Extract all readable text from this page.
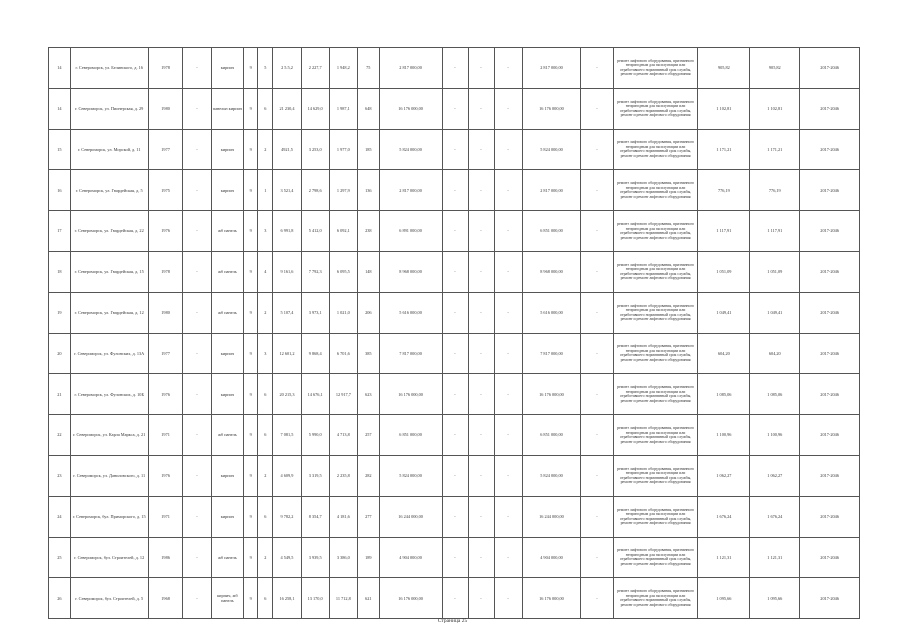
14	г. Североморск, ул. Белинского, д. 16	1978	-	кирпич	9	5	2 5.5,2	2 227,7	1 948,2	75	2 817 000,00	-	-	-	2 817 000,00	-	ремонт лифтового оборудования, признанного непригодным для эксплуатации или отработавшего нормативный срок службы, ремонт и ремонт лифтового оборудования	905,82	905,82	2017-2046
14	г. Североморск, ул. Пионерская, д. 29	1980	-	панельн кирпич	9	6	21 230,4	14 629,0	1 987,1	648	16 176 000,00	-	-	-	16 176 000,00	-	ремонт лифтового оборудования, признанного непригодным для эксплуатации или отработавшего нормативный срок службы, ремонт и ремонт лифтового оборудования	1 102,81	1 102,81	2017-2046
15	г. Североморск, ул. Морской, д. 11	1977	-	кирпич	9	2	4921,5	3 253,0	1 977,0	185	5 824 000,00	-	-	-	5 824 000,00	-	ремонт лифтового оборудования, признанного непригодным для эксплуатации или отработавшего нормативный срок службы, ремонт и ремонт лифтового оборудования	1 171,21	1 171,21	2017-2046
16	г. Североморск, ул. Гвардейская, д. 5	1975	-	кирпич	9	1	3 521,4	2 798,6	1 297,9	136	2 817 000,00	-	-	-	2 817 000,00	-	ремонт лифтового оборудования, признанного непригодным для эксплуатации или отработавшего нормативный срок службы, ремонт и ремонт лифтового оборудования	776,19	776,19	2017-2046
17	г. Североморск, ул. Гвардейская, д. 22	1976	-	жб панель	9	3	6 991,8	5 412,0	6 092,1	238	6 891 000,00	-	-	-	6 851 000,00	-	ремонт лифтового оборудования, признанного непригодным для эксплуатации или отработавшего нормативный срок службы, ремонт и ремонт лифтового оборудования	1 117,91	1 117,91	2017-2046
18	г. Североморск, ул. Гвардейская, д. 15	1978	-	жб панель	9	4	9 161,6	7 792,3	6 095,5	148	8 968 000,00	-	-	-	8 968 000,00	-	ремонт лифтового оборудования, признанного непригодным для эксплуатации или отработавшего нормативный срок службы, ремонт и ремонт лифтового оборудования	1 051,09	1 051,09	2017-2046
19	г. Североморск, ул. Гвардейская, д. 12	1980	-	жб панель	9	2	5 107,4	3 973,1	1 021,0	206	5 616 000,00	-	-	-	5 616 000,00	-	ремонт лифтового оборудования, признанного непригодным для эксплуатации или отработавшего нормативный срок службы, ремонт и ремонт лифтового оборудования	1 049,41	1 049,41	2017-2046
20	г. Североморск, ул. Фулонских, д. 13А	1977	-	кирпич	9	3	12 601,2	9 868,4	6 701,6	385	7 817 000,00	-	-	-	7 817 000,00	-	ремонт лифтового оборудования, признанного непригодным для эксплуатации или отработавшего нормативный срок службы, ремонт и ремонт лифтового оборудования	604,20	604,20	2017-2046
21	г. Североморск, ул. Фулонских, д. 10Б	1976	-	кирпич	9	6	20 215,3	14 676,1	12 917,7	623	16 176 000,00	-	-	-	16 176 000,00	-	ремонт лифтового оборудования, признанного непригодным для эксплуатации или отработавшего нормативный срок службы, ремонт и ремонт лифтового оборудования	1 085,06	1 085,06	2017-2046
22	г. Североморск, ул. Карла Маркса, д. 21	1971	-	жб панель	9	6	7 081,5	5 990,0	4 713,8	257	6 851 000,00	-	-	-	6 851 000,00	-	ремонт лифтового оборудования, признанного непригодным для эксплуатации или отработавшего нормативный срок службы, ремонт и ремонт лифтового оборудования	1 100,96	1 100,96	2017-2046
23	г. Североморск, ул. Даниловского, д. 11	1976	-	кирпич	9	2	4 609,9	3 319,5	2 235,8	282	5 824 000,00	-	-	-	5 824 000,00	-	ремонт лифтового оборудования, признанного непригодным для эксплуатации или отработавшего нормативный срок службы, ремонт и ремонт лифтового оборудования	1 062,27	1 062,27	2017-2046
24	г. Североморск, бул. Приморского, д. 15	1971	-	кирпич	9	6	9 782,2	8 354,7	4 181,6	277	16 244 000,00	-	-	-	16 244 000,00	-	ремонт лифтового оборудования, признанного непригодным для эксплуатации или отработавшего нормативный срок службы, ремонт и ремонт лифтового оборудования	1 676,24	1 676,24	2017-2046
25	г. Североморск, бул. Строителей, д. 12	1986	-	жб панель	9	2	4 549,5	3 939,5	3 386,0	189	4 904 000,00	-	-	-	4 904 000,00	-	ремонт лифтового оборудования, признанного непригодным для эксплуатации или отработавшего нормативный срок службы, ремонт и ремонт лифтового оборудования	1 121,31	1 121,31	2017-2046
26	г. Североморск, бул. Строителей, д. 5	1968	-	кирпич, жб панель	9	6	16 258,1	13 170,0	11 712,8	621	16 176 000,00	-	-	-	16 176 000,00	-	ремонт лифтового оборудования, признанного непригодным для эксплуатации или отработавшего нормативный срок службы, ремонт и ремонт лифтового оборудования	1 095,66	1 095,66	2017-2046
Страница 25
